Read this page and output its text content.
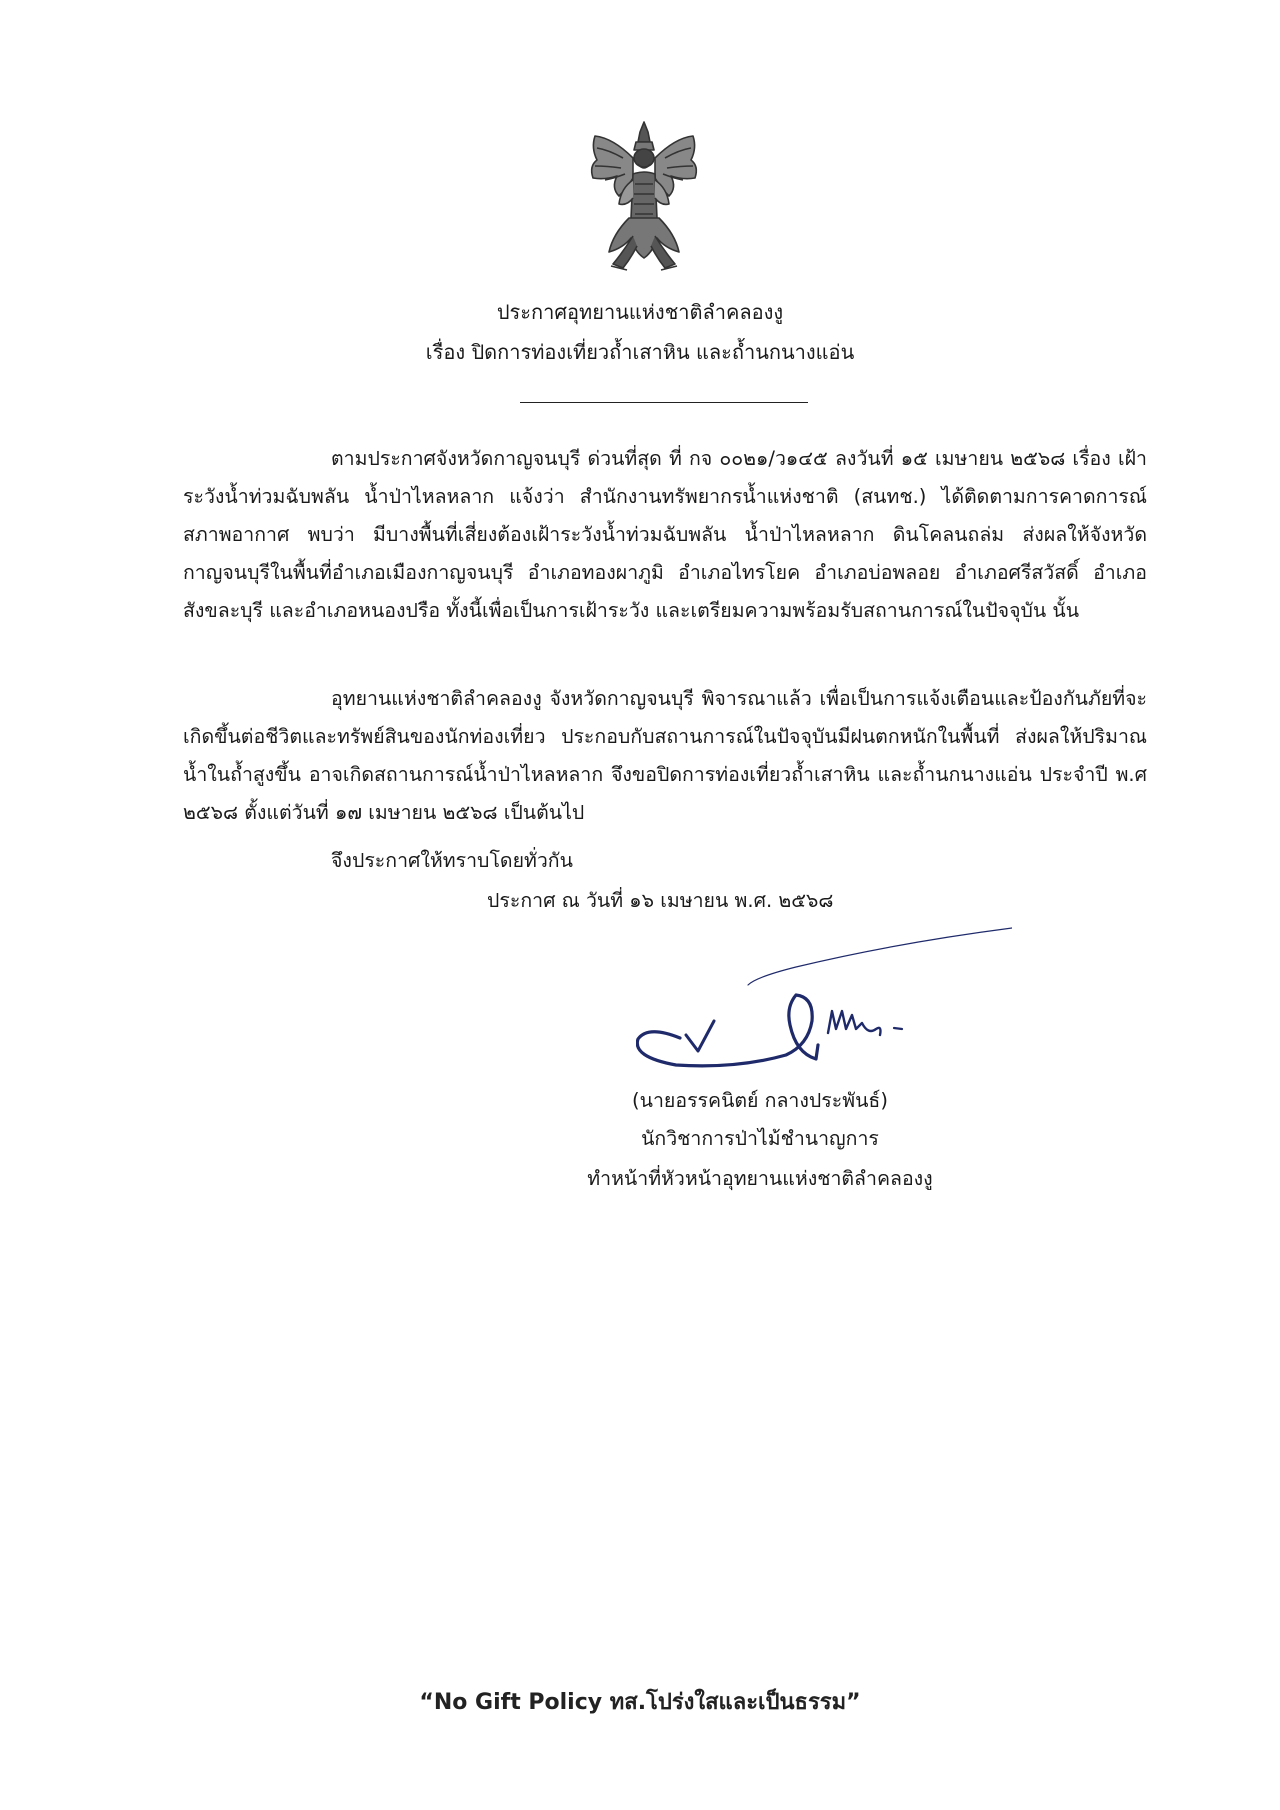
ประกาศอุทยานแห่งชาติลำคลองงู
เรื่อง ปิดการท่องเที่ยวถ้ำเสาหิน และถ้ำนกนางแอ่น
ตามประกาศจังหวัดกาญจนบุรี ด่วนที่สุด ที่ กจ ๐๐๒๑/ว๑๔๕ ลงวันที่ ๑๕ เมษายน ๒๕๖๘ เรื่อง เฝ้าระวังน้ำท่วมฉับพลัน น้ำป่าไหลหลาก แจ้งว่า สำนักงานทรัพยากรน้ำแห่งชาติ (สนทช.) ได้ติดตามการคาดการณ์สภาพอากาศ พบว่า มีบางพื้นที่เสี่ยงต้องเฝ้าระวังน้ำท่วมฉับพลัน น้ำป่าไหลหลาก ดินโคลนถล่ม ส่งผลให้จังหวัดกาญจนบุรีในพื้นที่อำเภอเมืองกาญจนบุรี อำเภอทองผาภูมิ อำเภอไทรโยค อำเภอบ่อพลอย อำเภอศรีสวัสดิ์ อำเภอสังขละบุรี และอำเภอหนองปรือ ทั้งนี้เพื่อเป็นการเฝ้าระวัง และเตรียมความพร้อมรับสถานการณ์ในปัจจุบัน นั้น
อุทยานแห่งชาติลำคลองงู จังหวัดกาญจนบุรี พิจารณาแล้ว เพื่อเป็นการแจ้งเตือนและป้องกันภัยที่จะเกิดขึ้นต่อชีวิตและทรัพย์สินของนักท่องเที่ยว ประกอบกับสถานการณ์ในปัจจุบันมีฝนตกหนักในพื้นที่ ส่งผลให้ปริมาณน้ำในถ้ำสูงขึ้น อาจเกิดสถานการณ์น้ำป่าไหลหลาก จึงขอปิดการท่องเที่ยวถ้ำเสาหิน และถ้ำนกนางแอ่น ประจำปี พ.ศ ๒๕๖๘ ตั้งแต่วันที่ ๑๗ เมษายน ๒๕๖๘ เป็นต้นไป
จึงประกาศให้ทราบโดยทั่วกัน
ประกาศ ณ วันที่ ๑๖ เมษายน พ.ศ. ๒๕๖๘
(นายอรรคนิตย์ กลางประพันธ์)
นักวิชาการป่าไม้ชำนาญการ
ทำหน้าที่หัวหน้าอุทยานแห่งชาติลำคลองงู
“No Gift Policy ทส.โปร่งใสและเป็นธรรม”
